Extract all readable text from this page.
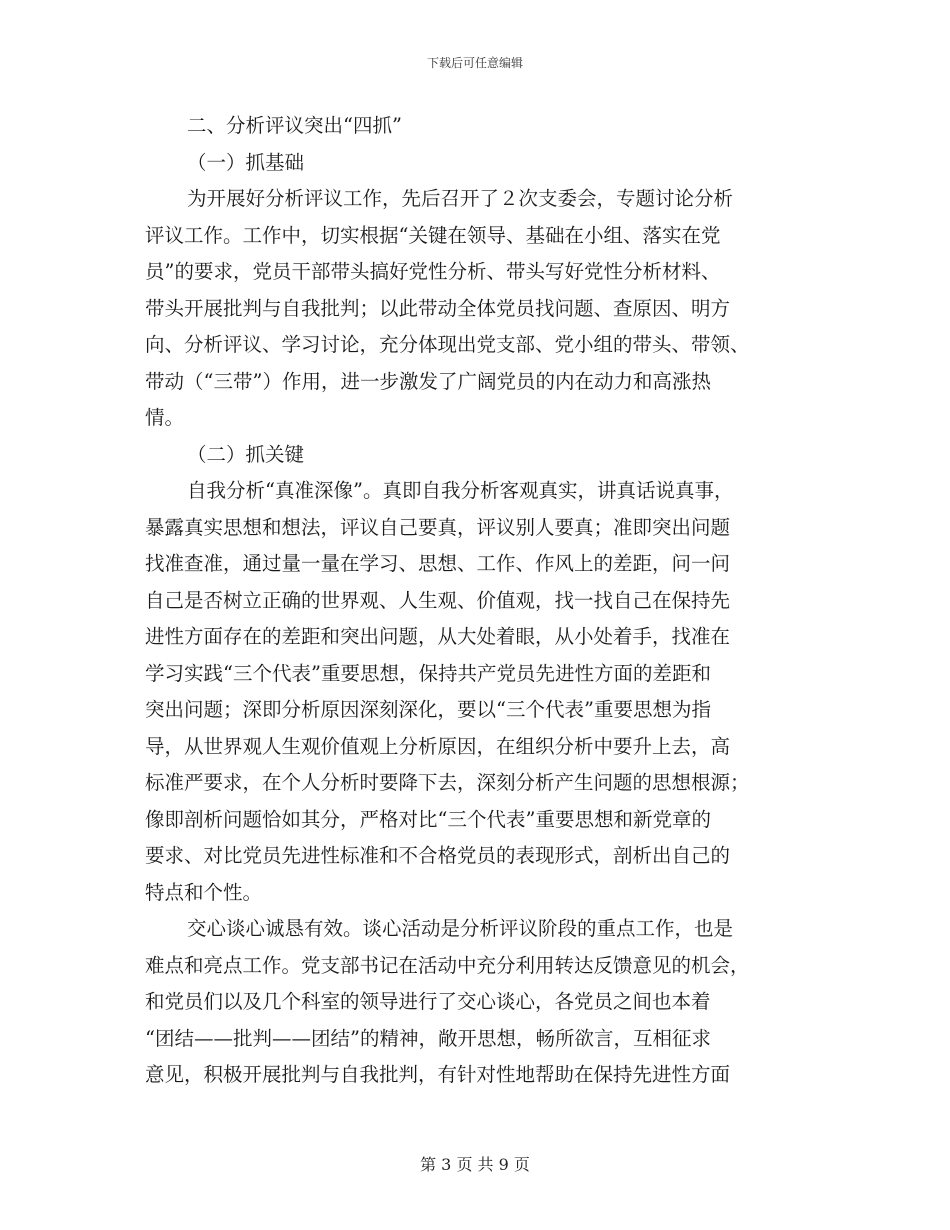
下载后可任意编辑
二、分析评议突出“四抓”
（一）抓基础
为开展好分析评议工作，先后召开了２次支委会，专题讨论分析
评议工作。工作中，切实根据“关键在领导、基础在小组、落实在党
员”的要求，党员干部带头搞好党性分析、带头写好党性分析材料、
带头开展批判与自我批判；以此带动全体党员找问题、查原因、明方
向、分析评议、学习讨论，充分体现出党支部、党小组的带头、带领、
带动（“三带”）作用，进一步激发了广阔党员的内在动力和高涨热
情。
（二）抓关键
自我分析“真准深像”。真即自我分析客观真实，讲真话说真事，
暴露真实思想和想法，评议自己要真，评议别人要真；准即突出问题
找准查准，通过量一量在学习、思想、工作、作风上的差距，问一问
自己是否树立正确的世界观、人生观、价值观，找一找自己在保持先
进性方面存在的差距和突出问题，从大处着眼，从小处着手，找准在
学习实践“三个代表”重要思想，保持共产党员先进性方面的差距和
突出问题；深即分析原因深刻深化，要以“三个代表”重要思想为指
导，从世界观人生观价值观上分析原因，在组织分析中要升上去，高
标准严要求，在个人分析时要降下去，深刻分析产生问题的思想根源；
像即剖析问题恰如其分，严格对比“三个代表”重要思想和新党章的
要求、对比党员先进性标准和不合格党员的表现形式，剖析出自己的
特点和个性。
交心谈心诚恳有效。谈心活动是分析评议阶段的重点工作，也是
难点和亮点工作。党支部书记在活动中充分利用转达反馈意见的机会，
和党员们以及几个科室的领导进行了交心谈心，各党员之间也本着
“团结——批判——团结”的精神，敞开思想，畅所欲言，互相征求
意见，积极开展批判与自我批判，有针对性地帮助在保持先进性方面
第 3 页 共 9 页
